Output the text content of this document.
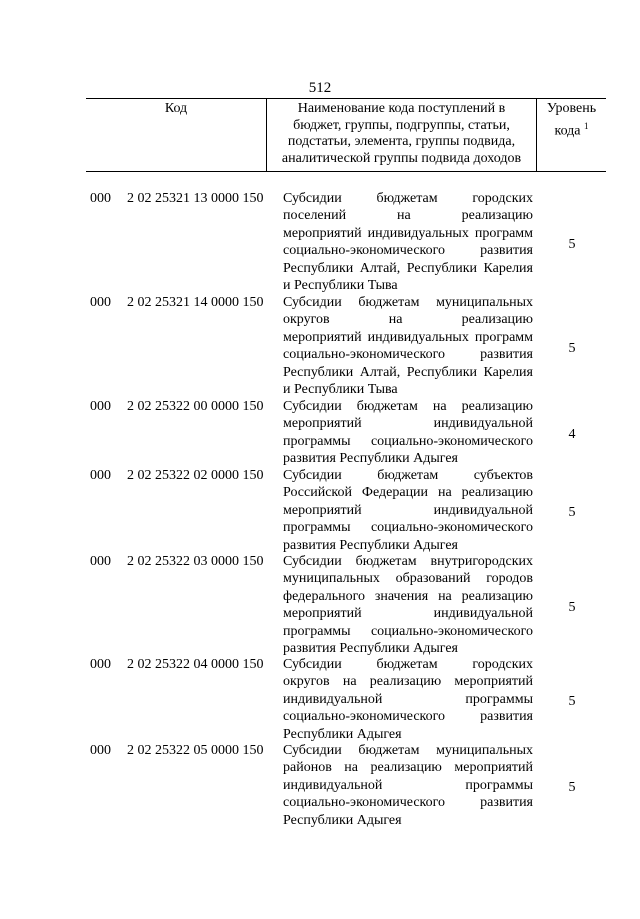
512
Код	Наименование кода поступлений в
бюджет, группы, подгруппы, статьи,
подстатьи, элемента, группы подвида,
аналитической группы подвида доходов
Уровень
кода $^1$
000 2 02 25321 13 0000 150 Субсидии бюджетам городских
поселений на реализацию
мероприятий индивидуальных программ
социально-экономического развития
Республики Алтай, Республики Карелия
и Республики Тыва
5
000 2 02 25321 14 0000 150 Субсидии бюджетам муниципальных
округов на реализацию
мероприятий индивидуальных программ
социально-экономического развития
Республики Алтай, Республики Карелия
и Республики Тыва
5
000 2 02 25322 00 0000 150 Субсидии бюджетам на реализацию
мероприятий индивидуальной
программы социально-экономического
развития Республики Адыгея
4
000 2 02 25322 02 0000 150 Субсидии бюджетам субъектов
Российской Федерации на реализацию
мероприятий индивидуальной
программы социально-экономического
развития Республики Адыгея
5
000 2 02 25322 03 0000 150 Субсидии бюджетам внутригородских
муниципальных образований городов
федерального значения на реализацию
мероприятий индивидуальной
программы социально-экономического
развития Республики Адыгея
5
000 2 02 25322 04 0000 150 Субсидии бюджетам городских
округов на реализацию мероприятий
индивидуальной программы
социально-экономического развития
Республики Адыгея
5
000 2 02 25322 05 0000 150 Субсидии бюджетам муниципальных
районов на реализацию мероприятий
индивидуальной программы
социально-экономического развития
Республики Адыгея
5
